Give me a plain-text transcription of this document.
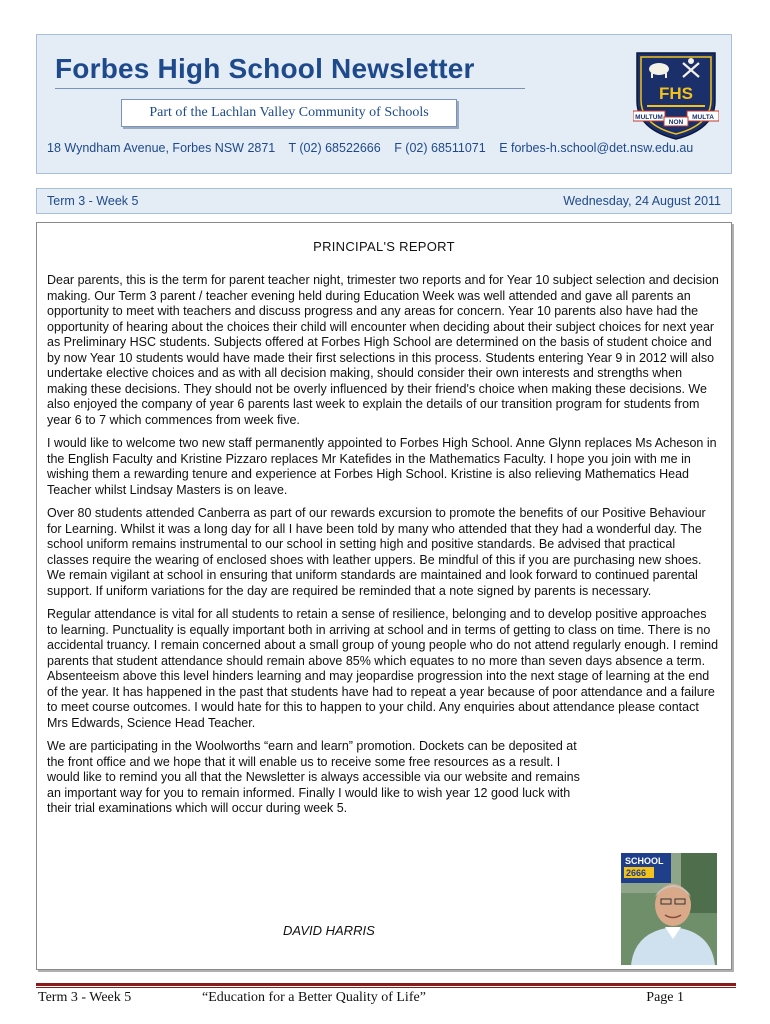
Forbes High School Newsletter
Part of the Lachlan Valley Community of Schools
18 Wyndham Avenue, Forbes NSW 2871 T (02) 68522666 F (02) 68511071 E forbes-h.school@det.nsw.edu.au
FHS
MULTUM
NON
MULTA
Term 3 - Week 5	Wednesday, 24 August 2011
PRINCIPAL'S REPORT

Dear parents, this is the term for parent teacher night, trimester two reports and for Year 10 subject selection and decision making. Our Term 3 parent / teacher evening held during Education Week was well attended and gave all parents an opportunity to meet with teachers and discuss progress and any areas for concern. Year 10 parents also have had the opportunity of hearing about the choices their child will encounter when deciding about their subject choices for next year as Preliminary HSC students. Subjects offered at Forbes High School are determined on the basis of student choice and by now Year 10 students would have made their first selections in this process. Students entering Year 9 in 2012 will also undertake elective choices and as with all decision making, should consider their own interests and strengths when making these decisions. They should not be overly influenced by their friend's choice when making these decisions. We also enjoyed the company of year 6 parents last week to explain the details of our transition program for students from year 6 to 7 which commences from week five.

I would like to welcome two new staff permanently appointed to Forbes High School. Anne Glynn replaces Ms Acheson in the English Faculty and Kristine Pizzaro replaces Mr Katefides in the Mathematics Faculty. I hope you join with me in wishing them a rewarding tenure and experience at Forbes High School. Kristine is also relieving Mathematics Head Teacher whilst Lindsay Masters is on leave.

Over 80 students attended Canberra as part of our rewards excursion to promote the benefits of our Positive Behaviour for Learning. Whilst it was a long day for all I have been told by many who attended that they had a wonderful day. The school uniform remains instrumental to our school in setting high and positive standards. Be advised that practical classes require the wearing of enclosed shoes with leather uppers. Be mindful of this if you are purchasing new shoes. We remain vigilant at school in ensuring that uniform standards are maintained and look forward to continued parental support. If uniform variations for the day are required be reminded that a note signed by parents is necessary.

Regular attendance is vital for all students to retain a sense of resilience, belonging and to develop positive approaches to learning. Punctuality is equally important both in arriving at school and in terms of getting to class on time. There is no accidental truancy. I remain concerned about a small group of young people who do not attend regularly enough. I remind parents that student attendance should remain above 85% which equates to no more than seven days absence a term. Absenteeism above this level hinders learning and may jeopardise progression into the next stage of learning at the end of the year. It has happened in the past that students have had to repeat a year because of poor attendance and a failure to meet course outcomes. I would hate for this to happen to your child. Any enquiries about attendance please contact Mrs Edwards, Science Head Teacher.

We are participating in the Woolworths “earn and learn” promotion. Dockets can be deposited at the front office and we hope that it will enable us to receive some free resources as a result. I would like to remind you all that the Newsletter is always accessible via our website and remains an important way for you to remain informed. Finally I would like to wish year 12 good luck with their trial examinations which will occur during week 5.

DAVID HARRIS
SCHOOL
2666
Term 3 - Week 5	“Education for a Better Quality of Life”	Page 1
